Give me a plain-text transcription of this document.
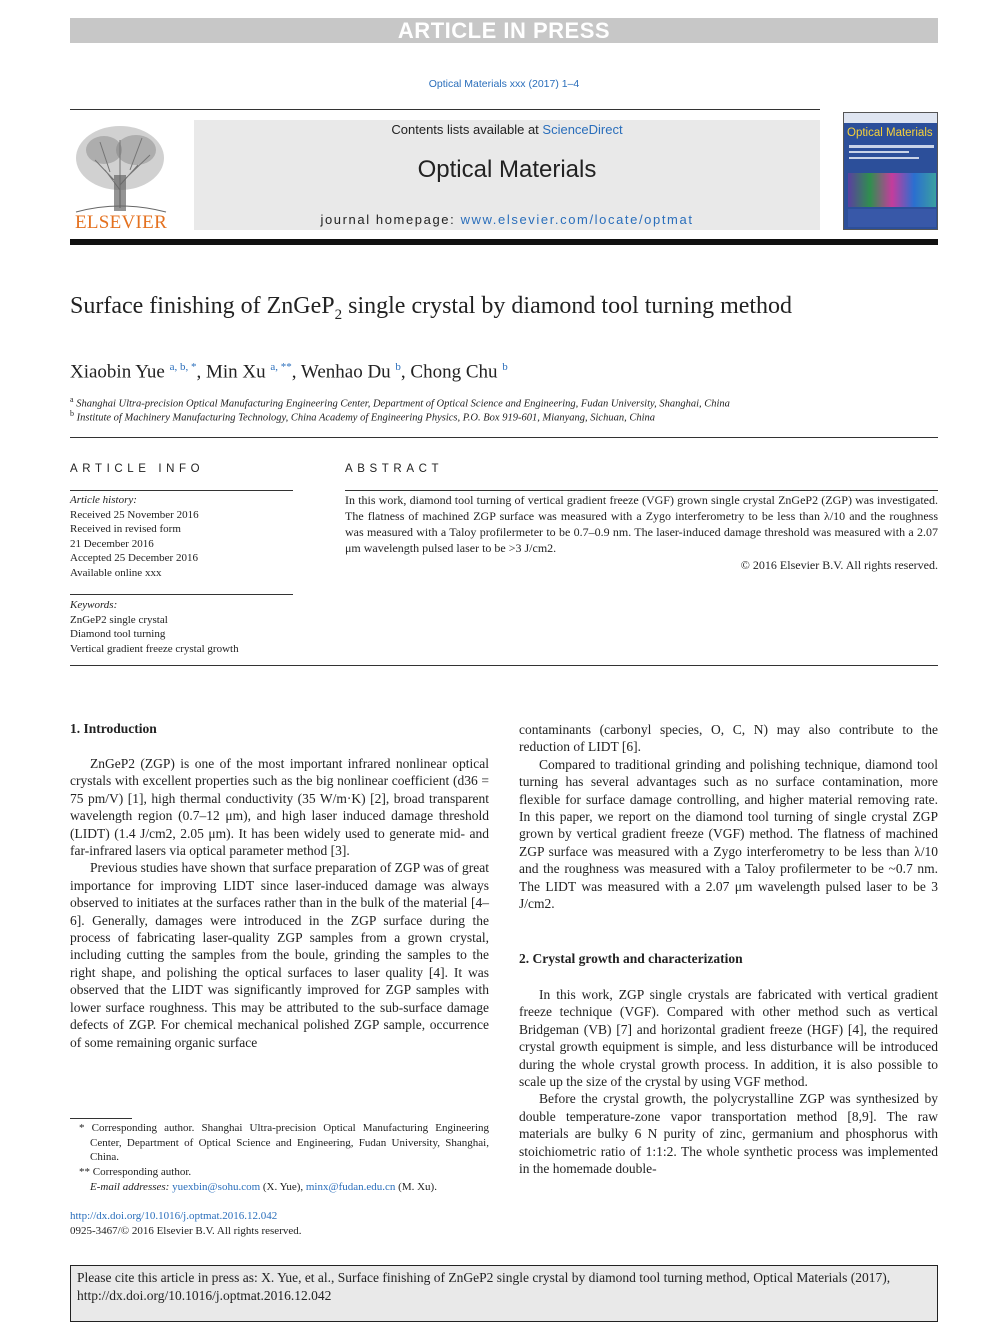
ARTICLE IN PRESS
Optical Materials xxx (2017) 1–4
ELSEVIER
Contents lists available at ScienceDirect
Optical Materials
journal homepage: www.elsevier.com/locate/optmat
Optical Materials
Surface finishing of ZnGeP$_2$ single crystal by diamond tool turning method
Xiaobin Yue $^{a, b, *}$, Min Xu $^{a, **}$, Wenhao Du $^b$, Chong Chu $^b$
$^a$ Shanghai Ultra-precision Optical Manufacturing Engineering Center, Department of Optical Science and Engineering, Fudan University, Shanghai, China
$^b$ Institute of Machinery Manufacturing Technology, China Academy of Engineering Physics, P.O. Box 919-601, Mianyang, Sichuan, China
ARTICLE INFO	ABSTRACT
Article history:
Received 25 November 2016
Received in revised form
21 December 2016
Accepted 25 December 2016
Available online xxx
Keywords:
ZnGeP2 single crystal
Diamond tool turning
Vertical gradient freeze crystal growth
In this work, diamond tool turning of vertical gradient freeze (VGF) grown single crystal ZnGeP2 (ZGP) was investigated. The flatness of machined ZGP surface was measured with a Zygo interferometry to be less than λ/10 and the roughness was measured with a Taloy profilermeter to be 0.7–0.9 nm. The laser-induced damage threshold was measured with a 2.07 μm wavelength pulsed laser to be >3 J/cm2.
© 2016 Elsevier B.V. All rights reserved.
1. Introduction

ZnGeP2 (ZGP) is one of the most important infrared nonlinear optical crystals with excellent properties such as the big nonlinear coefficient (d36 = 75 pm/V) [1], high thermal conductivity (35 W/m·K) [2], broad transparent wavelength region (0.7–12 μm), and high laser induced damage threshold (LIDT) (1.4 J/cm2, 2.05 μm). It has been widely used to generate mid- and far-infrared lasers via optical parameter method [3].

Previous studies have shown that surface preparation of ZGP was of great importance for improving LIDT since laser-induced damage was always observed to initiates at the surfaces rather than in the bulk of the material [4–6]. Generally, damages were introduced in the ZGP surface during the process of fabricating laser-quality ZGP samples from a grown crystal, including cutting the samples from the boule, grinding the samples to the right shape, and polishing the optical surfaces to laser quality [4]. It was observed that the LIDT was significantly improved for ZGP samples with lower surface roughness. This may be attributed to the sub-surface damage defects of ZGP. For chemical mechanical polished ZGP sample, occurrence of some remaining organic surface

contaminants (carbonyl species, O, C, N) may also contribute to the reduction of LIDT [6].

Compared to traditional grinding and polishing technique, diamond tool turning has several advantages such as no surface contamination, more flexible for surface damage controlling, and higher material removing rate. In this paper, we report on the diamond tool turning of single crystal ZGP grown by vertical gradient freeze (VGF) method. The flatness of machined ZGP surface was measured with a Zygo interferometry to be less than λ/10 and the roughness was measured with a Taloy profilermeter to be ~0.7 nm. The LIDT was measured with a 2.07 μm wavelength pulsed laser to be 3 J/cm2.

2. Crystal growth and characterization

In this work, ZGP single crystals are fabricated with vertical gradient freeze technique (VGF). Compared with other method such as vertical Bridgeman (VB) [7] and horizontal gradient freeze (HGF) [4], the required crystal growth equipment is simple, and less disturbance will be introduced during the whole crystal growth process. In addition, it is also possible to scale up the size of the crystal by using VGF method.

Before the crystal growth, the polycrystalline ZGP was synthesized by double temperature-zone vapor transportation method [8,9]. The raw materials are bulky 6 N purity of zinc, germanium and phosphorus with stoichiometric ratio of 1:1:2. The whole synthetic process was implemented in the homemade double-

* Corresponding author. Shanghai Ultra-precision Optical Manufacturing Engineering Center, Department of Optical Science and Engineering, Fudan University, Shanghai, China.
** Corresponding author.
E-mail addresses: yuexbin@sohu.com (X. Yue), minx@fudan.edu.cn (M. Xu).
http://dx.doi.org/10.1016/j.optmat.2016.12.042
0925-3467/© 2016 Elsevier B.V. All rights reserved.
Please cite this article in press as: X. Yue, et al., Surface finishing of ZnGeP2 single crystal by diamond tool turning method, Optical Materials (2017), http://dx.doi.org/10.1016/j.optmat.2016.12.042
